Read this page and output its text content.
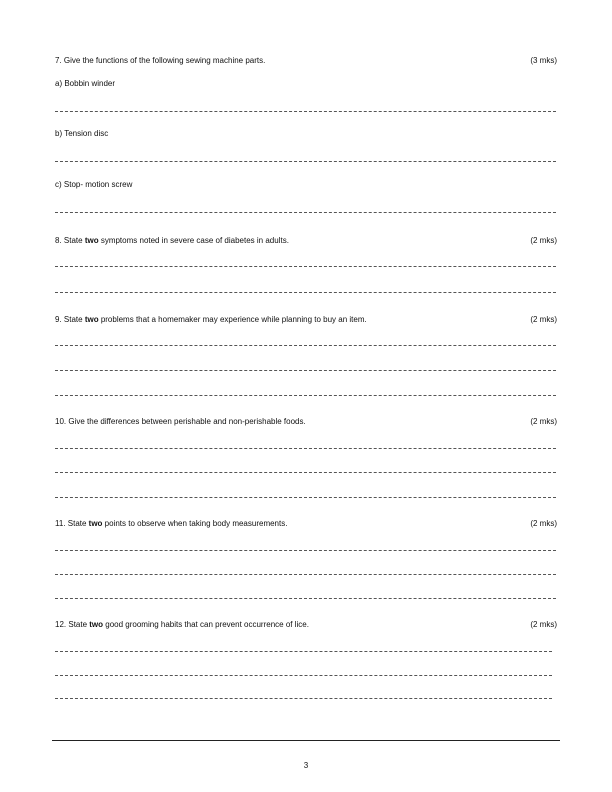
7. Give the functions of the following sewing machine parts.	(3 mks)
a) Bobbin winder
b) Tension disc
c) Stop- motion screw
8. State two symptoms noted in severe case of diabetes in adults.	(2 mks)
9. State two problems that a homemaker may experience while planning to buy an item.	(2 mks)
10. Give the differences between perishable and non-perishable foods.	(2 mks)
11. State two points to observe when taking body measurements.	(2 mks)
12. State two good grooming habits that can prevent occurrence of lice.	(2 mks)
3
